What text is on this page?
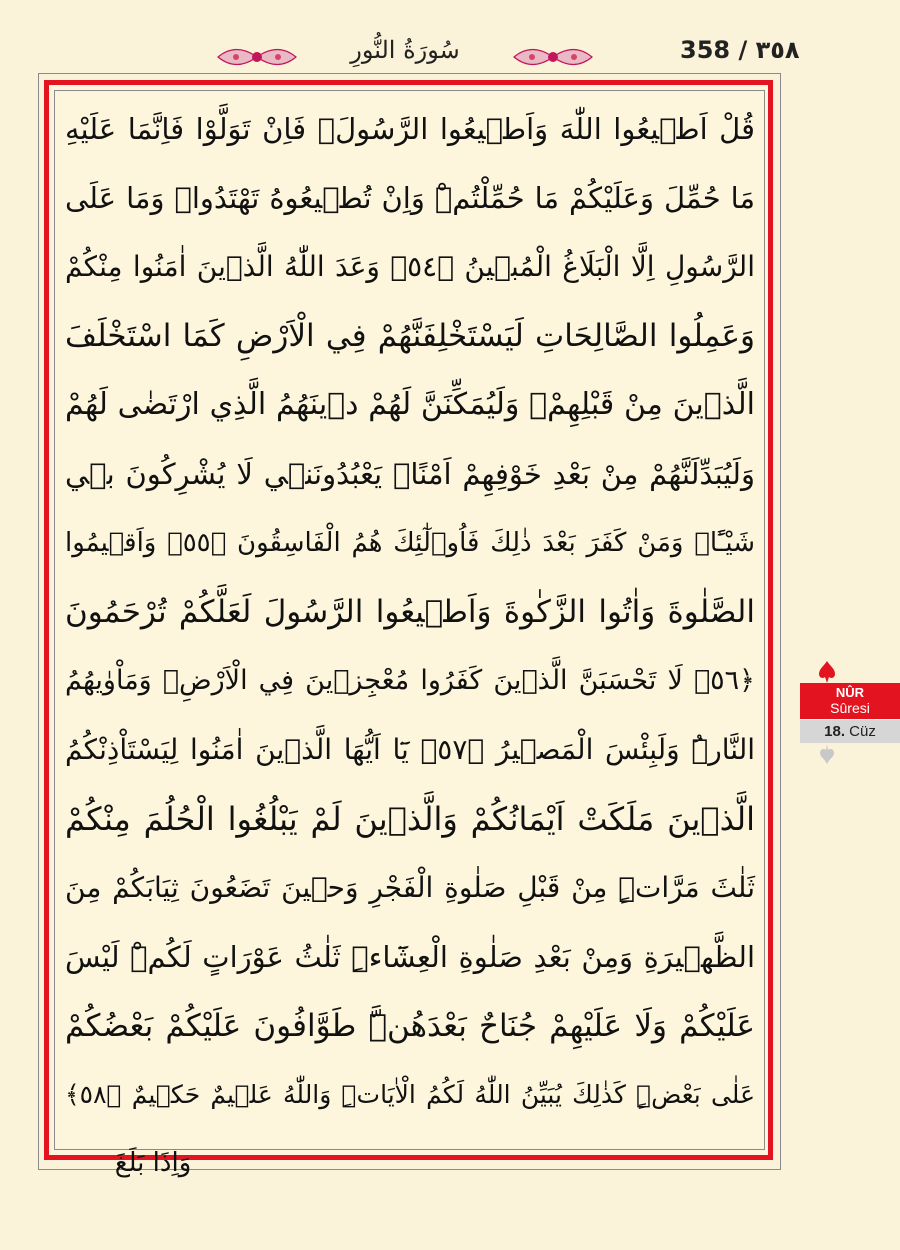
سُورَةُ النُّورِ	358 / ٣٥٨
قُلْ اَط۪يعُوا اللّٰهَ وَاَط۪يعُوا الرَّسُولَۚ فَاِنْ تَوَلَّوْا فَاِنَّمَا عَلَيْهِ
مَا حُمِّلَ وَعَلَيْكُمْ مَا حُمِّلْتُمْۜ وَاِنْ تُط۪يعُوهُ تَهْتَدُواۜ وَمَا عَلَى
الرَّسُولِ اِلَّا الْبَلَاغُ الْمُب۪ينُ ﴿٥٤﴾ وَعَدَ اللّٰهُ الَّذ۪ينَ اٰمَنُوا مِنْكُمْ
وَعَمِلُوا الصَّالِحَاتِ لَيَسْتَخْلِفَنَّهُمْ فِي الْاَرْضِ كَمَا اسْتَخْلَفَ
الَّذ۪ينَ مِنْ قَبْلِهِمْۖ وَلَيُمَكِّنَنَّ لَهُمْ د۪ينَهُمُ الَّذِي ارْتَضٰى لَهُمْ
وَلَيُبَدِّلَنَّهُمْ مِنْ بَعْدِ خَوْفِهِمْ اَمْنًاۜ يَعْبُدُونَن۪ي لَا يُشْرِكُونَ ب۪ي
شَيْـًٔاۜ وَمَنْ كَفَرَ بَعْدَ ذٰلِكَ فَاُو۬لٰٓئِكَ هُمُ الْفَاسِقُونَ ﴿٥٥﴾ وَاَق۪يمُوا
الصَّلٰوةَ وَاٰتُوا الزَّكٰوةَ وَاَط۪يعُوا الرَّسُولَ لَعَلَّكُمْ تُرْحَمُونَ
﴿٥٦﴾ لَا تَحْسَبَنَّ الَّذ۪ينَ كَفَرُوا مُعْجِز۪ينَ فِي الْاَرْضِۚ وَمَاْوٰيهُمُ
النَّارُۜ وَلَبِئْسَ الْمَص۪يرُ ﴿٥٧﴾ يَٓا اَيُّهَا الَّذ۪ينَ اٰمَنُوا لِيَسْتَاْذِنْكُمُ
الَّذ۪ينَ مَلَكَتْ اَيْمَانُكُمْ وَالَّذ۪ينَ لَمْ يَبْلُغُوا الْحُلُمَ مِنْكُمْ
ثَلٰثَ مَرَّاتٍۜ مِنْ قَبْلِ صَلٰوةِ الْفَجْرِ وَح۪ينَ تَضَعُونَ ثِيَابَكُمْ مِنَ
الظَّه۪يرَةِ وَمِنْ بَعْدِ صَلٰوةِ الْعِشَٓاءِۜ ثَلٰثُ عَوْرَاتٍ لَكُمْۜ لَيْسَ
عَلَيْكُمْ وَلَا عَلَيْهِمْ جُنَاحٌ بَعْدَهُنَّۜ طَوَّافُونَ عَلَيْكُمْ بَعْضُكُمْ
عَلٰى بَعْضٍۜ كَذٰلِكَ يُبَيِّنُ اللّٰهُ لَكُمُ الْاٰيَاتِۜ وَاللّٰهُ عَل۪يمٌ حَك۪يمٌ ﴿٥٨﴾
وَاِذَا بَلَغَ
NÛR
Sûresi
18. Cüz
